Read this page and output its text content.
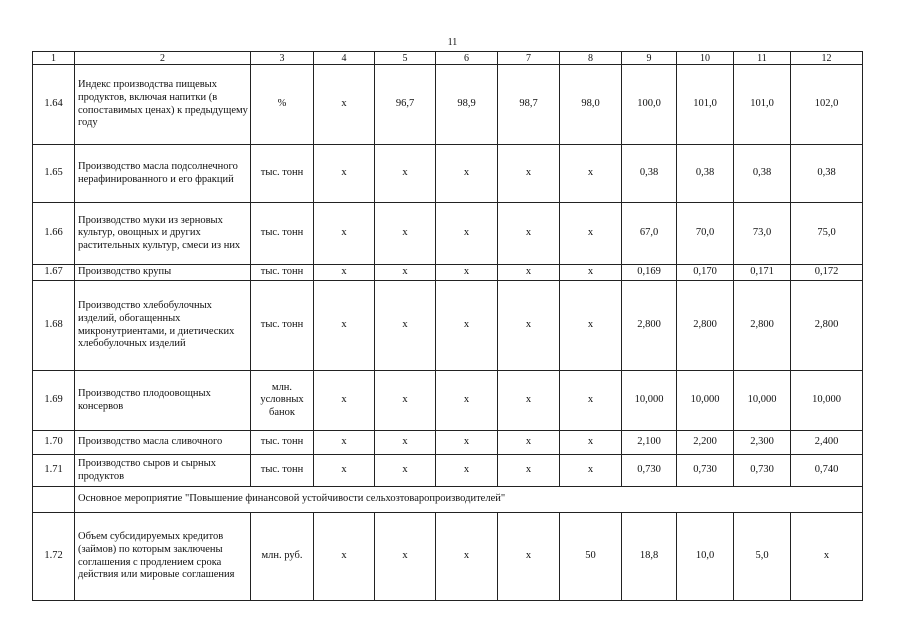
11
1	2	3	4	5	6	7	8	9	10	11	12
1.64	Индекс производства пищевых продуктов, включая напитки (в сопоставимых ценах) к предыдущему году	%	х	96,7	98,9	98,7	98,0	100,0	101,0	101,0	102,0
1.65	Производство масла подсолнечного нерафинированного и его фракций	тыс. тонн	х	х	х	х	х	0,38	0,38	0,38	0,38
1.66	Производство муки из зерновых культур, овощных и других растительных культур, смеси из них	тыс. тонн	х	х	х	х	х	67,0	70,0	73,0	75,0
1.67	Производство крупы	тыс. тонн	х	х	х	х	х	0,169	0,170	0,171	0,172
1.68	Производство хлебобулочных изделий, обогащенных микронутриентами, и диетических хлебобулочных изделий	тыс. тонн	х	х	х	х	х	2,800	2,800	2,800	2,800
1.69	Производство плодоовощных консервов	млн. условных банок	х	х	х	х	х	10,000	10,000	10,000	10,000
1.70	Производство масла сливочного	тыс. тонн	х	х	х	х	х	2,100	2,200	2,300	2,400
1.71	Производство сыров и сырных продуктов	тыс. тонн	х	х	х	х	х	0,730	0,730	0,730	0,740
	Основное мероприятие "Повышение финансовой устойчивости сельхозтоваропроизводителей"										
1.72	Объем субсидируемых кредитов (займов) по которым заключены соглашения с продлением срока действия или мировые соглашения	млн. руб.	х	х	х	х	50	18,8	10,0	5,0	х
